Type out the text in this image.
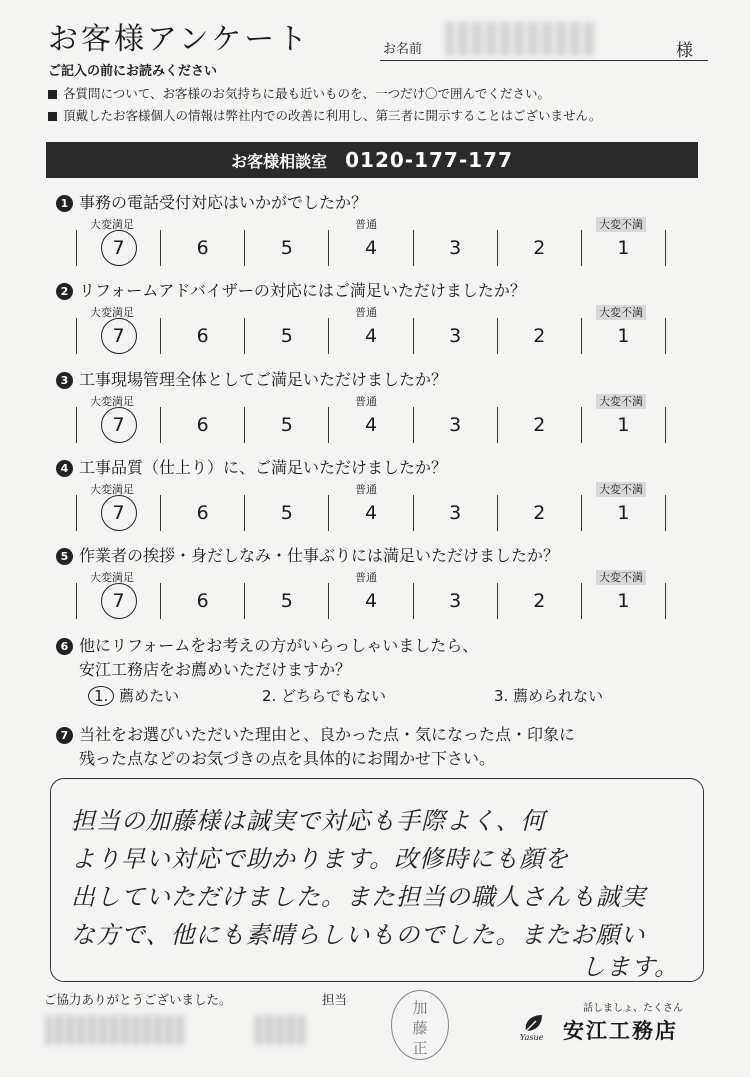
お客様アンケート	お名前	様
ご記入の前にお読みください
各質問について、お客様のお気持ちに最も近いものを、一つだけ〇で囲んでください。
頂戴したお客様個人の情報は弊社内での改善に利用し、第三者に開示することはございません。
お客様相談室 0120-177-177
1 事務の電話受付対応はいかがでしたか？
大変満足	普通	大変不満
7	6	5	4	3	2	1
2 リフォームアドバイザーの対応にはご満足いただけましたか？
大変満足	普通	大変不満
7	6	5	4	3	2	1
3 工事現場管理全体としてご満足いただけましたか？
大変満足	普通	大変不満
7	6	5	4	3	2	1
4 工事品質（仕上り）に、ご満足いただけましたか？
大変満足	普通	大変不満
7	6	5	4	3	2	1
5 作業者の挨拶・身だしなみ・仕事ぶりには満足いただけましたか？
大変満足	普通	大変不満
7	6	5	4	3	2	1
6 他にリフォームをお考えの方がいらっしゃいましたら、
安江工務店をお薦めいただけますか？
1. 薦めたい	2. どちらでもない	3. 薦められない
7 当社をお選びいただいた理由と、良かった点・気になった点・印象に
残った点などのお気づきの点を具体的にお聞かせ下さい。
担当の加藤様は誠実で対応も手際よく、何
より早い対応で助かります。改修時にも顔を
出していただけました。また担当の職人さんも誠実
な方で、他にも素晴らしいものでした。またお願い
します。
ご協力ありがとうございました。	担当	加
藤
正
Yasue
話しましょ、たくさん
安江工務店
